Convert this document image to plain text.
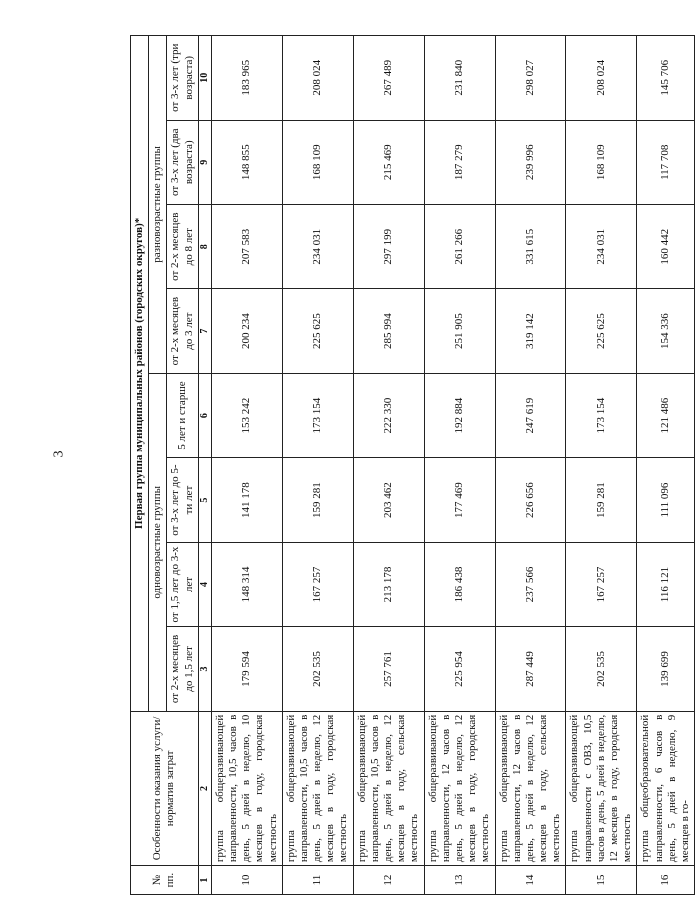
3
№ пп.	Особенности оказания услуги/норматив затрат	Первая группа муниципальных районов (городских округов)*							
		одновозрастные группы				разновозрастные группы			
		от 2-х месяцев до 1,5 лет	от 1,5 лет до 3-х лет	от 3-х лет до 5-ти лет	5 лет и старше	от 2-х месяцев до 3 лет	от 2-х месяцев до 8 лет	от 3-х лет (два возраста)	от 3-х лет (три возраста)
1	2	3	4	5	6	7	8	9	10
10	группа общеразвивающей направленности, 10,5 часов в день, 5 дней в неделю, 10 месяцев в году, городская местность	179 594	148 314	141 178	153 242	200 234	207 583	148 855	183 965
11	группа общеразвивающей направленности, 10,5 часов в день, 5 дней в неделю, 12 месяцев в году, городская местность	202 535	167 257	159 281	173 154	225 625	234 031	168 109	208 024
12	группа общеразвивающей направленности, 10,5 часов в день, 5 дней в неделю, 12 месяцев в году, сельская местность	257 761	213 178	203 462	222 330	285 994	297 199	215 469	267 489
13	группа общеразвивающей направленности, 12 часов в день, 5 дней в неделю, 12 месяцев в году, городская местность	225 954	186 438	177 469	192 884	251 905	261 266	187 279	231 840
14	группа общеразвивающей направленности, 12 часов в день, 5 дней в неделю, 12 месяцев в году, сельская местность	287 449	237 566	226 656	247 619	319 142	331 615	239 996	298 027
15	группа общеразвивающей направленности с ОВЗ, 10,5 часов в день, 5 дней в неделю, 12 месяцев в году, городская местность	202 535	167 257	159 281	173 154	225 625	234 031	168 109	208 024
16	группа общеобразовательной направленности, 6 часов в день, 5 дней в неделю, 9 месяцев в го-	139 699	116 121	111 096	121 486	154 336	160 442	117 708	145 706
